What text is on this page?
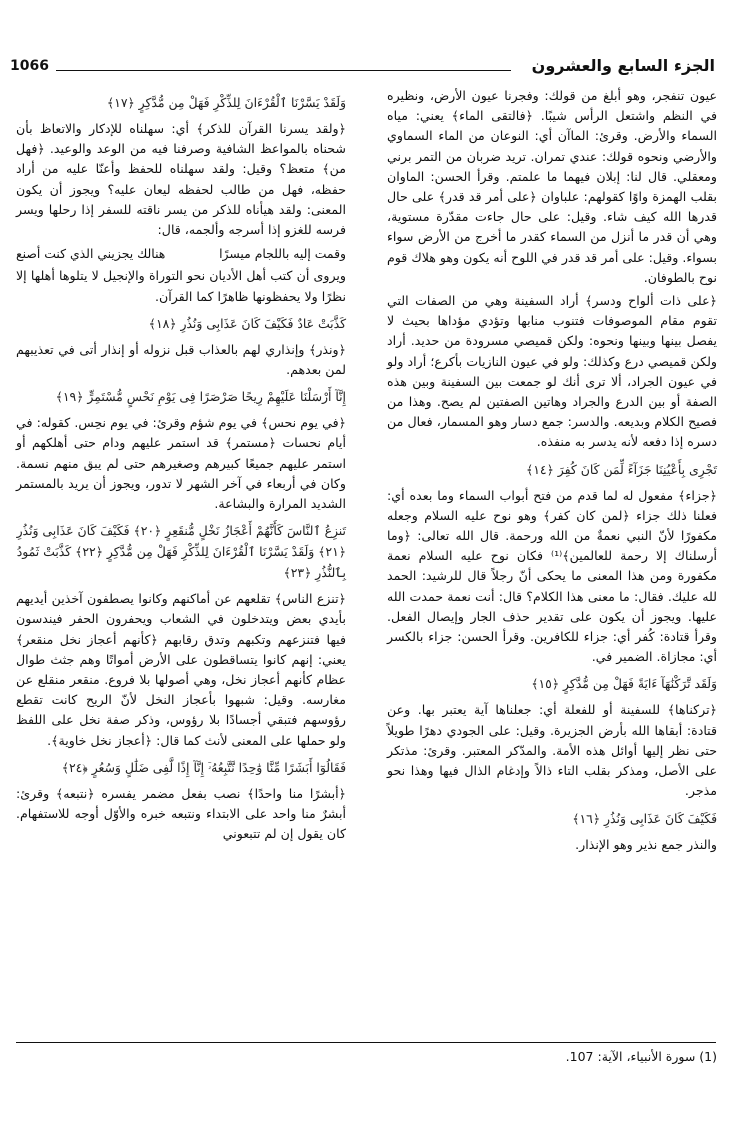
1066	الجزء السابع والعشرون

عيون تنفجر، وهو أبلغ من قولك: وفجرنا عيون الأرض، ونظيره في النظم واشتعل الرأس شيبًا. ﴿فالتقى الماء﴾ يعني: مياه السماء والأرض. وقرئ: الماآن أي: النوعان من الماء السماوي والأرضي ونحوه قولك: عندي تمران. تريد ضربان من التمر برني ومعقلي. قال لنا: إبلان فيهما ما علمتم. وقرأ الحسن: الماوان بقلب الهمزة واوًا كقولهم: علباوان ﴿على أمر قد قدر﴾ على حال قدرها الله كيف شاء. وقيل: على حال جاءت مقدّرة مستوية، وهي أن قدر ما أنزل من السماء كقدر ما أخرج من الأرض سواء بسواء. وقيل: على أمر قد قدر في اللوح أنه يكون وهو هلاك قوم نوح بالطوفان.

﴿على ذات ألواح ودسر﴾ أراد السفينة وهي من الصفات التي تقوم مقام الموصوفات فتنوب منابها وتؤدي مؤداها بحيث لا يفصل بينها وبينها ونحوه: ولكن قميصي مسرودة من حديد. أراد ولكن قميصي درع وكذلك: ولو في عيون النازيات بأكرع؛ أراد ولو في عيون الجراد، ألا ترى أنك لو جمعت بين السفينة وبين هذه الصفة أو بين الدرع والجراد وهاتين الصفتين لم يصح. وهذا من فصيح الكلام وبديعه. والدسر: جمع دسار وهو المسمار، فعال من دسره إذا دفعه لأنه يدسر به منفذه.

تَجْرِى بِأَعْيُنِنَا جَزَآءً لِّمَن كَانَ كُفِرَ ﴿١٤﴾

﴿جزاء﴾ مفعول له لما قدم من فتح أبواب السماء وما بعده أي: فعلنا ذلك جزاء ﴿لمن كان كفر﴾ وهو نوح عليه السلام وجعله مكفورًا لأنّ النبي نعمةٌ من الله ورحمة. قال الله تعالى: ﴿وما أرسلناك إلا رحمة للعالمين﴾⁽¹⁾ فكان نوح عليه السلام نعمة مكفورة ومن هذا المعنى ما يحكى أنّ رجلاً قال للرشيد: الحمد لله عليك. فقال: ما معنى هذا الكلام؟ قال: أنت نعمة حمدت الله عليها. ويجوز أن يكون على تقدير حذف الجار وإيصال الفعل. وقرأ قتادة: كُفر أي: جزاء للكافرين. وقرأ الحسن: جزاء بالكسر أي: مجازاة. الضمير في.

وَلَقَد تَّرَكْنَٰهَآ ءَايَةً فَهَلْ مِن مُّدَّكِرٍ ﴿١٥﴾

﴿تركناها﴾ للسفينة أو للفعلة أي: جعلناها آية يعتبر بها. وعن قتادة: أبقاها الله بأرض الجزيرة. وقيل: على الجودي دهرًا طويلاً حتى نظر إليها أوائل هذه الأمة. والمدّكر المعتبر. وقرئ: مذتكر على الأصل، ومذكر بقلب التاء ذالاً وإدغام الذال فيها وهذا نحو مذجر.

فَكَيْفَ كَانَ عَذَابِى وَنُذُرِ ﴿١٦﴾

والنذر جمع نذير وهو الإنذار.

وَلَقَدْ يَسَّرْنَا ٱلْقُرْءَانَ لِلذِّكْرِ فَهَلْ مِن مُّدَّكِرٍ ﴿١٧﴾

﴿ولقد يسرنا القرآن للذكر﴾ أي: سهلناه للإدكار والاتعاظ بأن شحناه بالمواعظ الشافية وصرفنا فيه من الوعد والوعيد. ﴿فهل من﴾ متعظ؟ وقيل: ولقد سهلناه للحفظ وأعنّا عليه من أراد حفظه، فهل من طالب لحفظه ليعان عليه؟ ويجوز أن يكون المعنى: ولقد هيأناه للذكر من يسر ناقته للسفر إذا رحلها ويسر فرسه للغزو إذا أسرجه وألجمه، قال:

وقمت إليه باللجام ميسرًا
هنالك يجزيني الذي كنت أصنع

ويروى أن كتب أهل الأديان نحو التوراة والإنجيل لا يتلوها أهلها إلا نظرًا ولا يحفظونها ظاهرًا كما القرآن.

كَذَّبَتْ عَادٌ فَكَيْفَ كَانَ عَذَابِى وَنُذُرِ ﴿١٨﴾

﴿ونذر﴾ وإنذاري لهم بالعذاب قبل نزوله أو إنذار أتى في تعذيبهم لمن بعدهم.

إِنَّآ أَرْسَلْنَا عَلَيْهِمْ رِيحًا صَرْصَرًا فِى يَوْمِ نَحْسٍ مُّسْتَمِرٍّ ﴿١٩﴾

﴿في يوم نحس﴾ في يوم شؤم وقرئ: في يوم نحِس. كقوله: في أيام نحسات ﴿مستمر﴾ قد استمر عليهم ودام حتى أهلكهم أو استمر عليهم جميعًا كبيرهم وصغيرهم حتى لم يبق منهم نسمة. وكان في أربعاء في آخر الشهر لا تدور، ويجوز أن يريد بالمستمر الشديد المرارة والبشاعة.

تَنزِعُ ٱلنَّاسَ كَأَنَّهُمْ أَعْجَازُ نَخْلٍ مُّنقَعِرٍ ﴿٢٠﴾ فَكَيْفَ كَانَ عَذَابِى وَنُذُرِ ﴿٢١﴾ وَلَقَدْ يَسَّرْنَا ٱلْقُرْءَانَ لِلذِّكْرِ فَهَلْ مِن مُّدَّكِرٍ ﴿٢٢﴾ كَذَّبَتْ ثَمُودُ بِٱلنُّذُرِ ﴿٢٣﴾

﴿تنزع الناس﴾ تقلعهم عن أماكنهم وكانوا يصطفون آخذين أيديهم بأيدي بعض ويتدخلون في الشعاب ويحفرون الحفر فيندسون فيها فتنزعهم وتكبهم وتدق رقابهم ﴿كأنهم أعجاز نخل منقعر﴾ يعني: إنهم كانوا يتساقطون على الأرض أمواتًا وهم جثث طوال عظام كأنهم أعجاز نخل، وهي أصولها بلا فروع. منقعر منقلع عن مغارسه. وقيل: شبهوا بأعجاز النخل لأنّ الريح كانت تقطع رؤوسهم فتبقي أجسادًا بلا رؤوس، وذكر صفة نخل على اللفظ ولو حملها على المعنى لأنث كما قال: ﴿أعجاز نخل خاوية﴾.

فَقَالُوٓا أَبَشَرًا مِّنَّا وَٰحِدًا نَّتَّبِعُهُۥٓ إِنَّآ إِذًا لَّفِى ضَلَٰلٍ وَسُعُرٍ ﴿٢٤﴾

﴿أبشرًا منا واحدًا﴾ نصب بفعل مضمر يفسره ﴿نتبعه﴾ وقرئ: أبشرٌ منا واحد على الابتداء ونتبعه خبره والأوّل أوجه للاستفهام. كان يقول إن لم تتبعوني

(1) سورة الأنبياء، الآية: 107.
